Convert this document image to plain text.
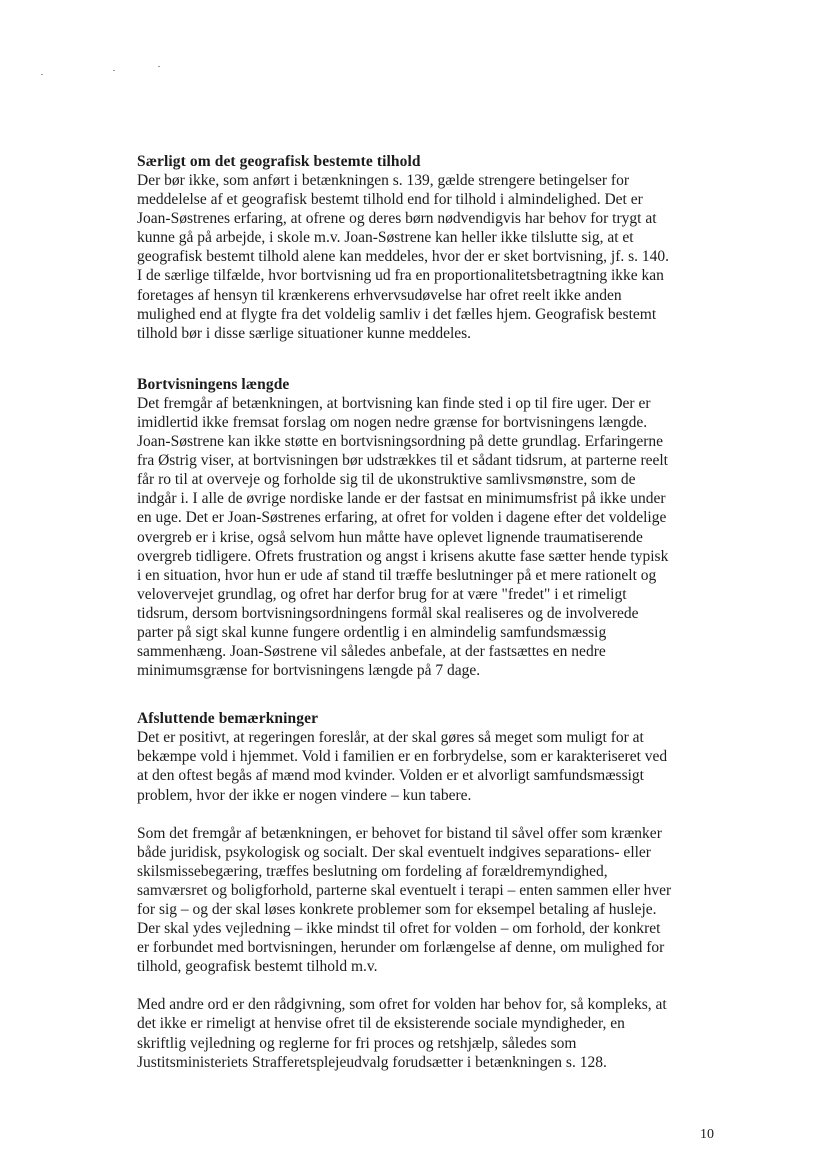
Særligt om det geografisk bestemte tilhold

Der bør ikke, som anført i betænkningen s. 139, gælde strengere betingelser for
meddelelse af et geografisk bestemt tilhold end for tilhold i almindelighed. Det er
Joan-Søstrenes erfaring, at ofrene og deres børn nødvendigvis har behov for trygt at
kunne gå på arbejde, i skole m.v. Joan-Søstrene kan heller ikke tilslutte sig, at et
geografisk bestemt tilhold alene kan meddeles, hvor der er sket bortvisning, jf. s. 140.
I de særlige tilfælde, hvor bortvisning ud fra en proportionalitetsbetragtning ikke kan
foretages af hensyn til krænkerens erhvervsudøvelse har ofret reelt ikke anden
mulighed end at flygte fra det voldelig samliv i det fælles hjem. Geografisk bestemt
tilhold bør i disse særlige situationer kunne meddeles.

Bortvisningens længde

Det fremgår af betænkningen, at bortvisning kan finde sted i op til fire uger. Der er
imidlertid ikke fremsat forslag om nogen nedre grænse for bortvisningens længde.
Joan-Søstrene kan ikke støtte en bortvisningsordning på dette grundlag. Erfaringerne
fra Østrig viser, at bortvisningen bør udstrækkes til et sådant tidsrum, at parterne reelt
får ro til at overveje og forholde sig til de ukonstruktive samlivsmønstre, som de
indgår i. I alle de øvrige nordiske lande er der fastsat en minimumsfrist på ikke under
en uge. Det er Joan-Søstrenes erfaring, at ofret for volden i dagene efter det voldelige
overgreb er i krise, også selvom hun måtte have oplevet lignende traumatiserende
overgreb tidligere. Ofrets frustration og angst i krisens akutte fase sætter hende typisk
i en situation, hvor hun er ude af stand til træffe beslutninger på et mere rationelt og
velovervejet grundlag, og ofret har derfor brug for at være "fredet" i et rimeligt
tidsrum, dersom bortvisningsordningens formål skal realiseres og de involverede
parter på sigt skal kunne fungere ordentlig i en almindelig samfundsmæssig
sammenhæng. Joan-Søstrene vil således anbefale, at der fastsættes en nedre
minimumsgrænse for bortvisningens længde på 7 dage.

Afsluttende bemærkninger

Det er positivt, at regeringen foreslår, at der skal gøres så meget som muligt for at
bekæmpe vold i hjemmet. Vold i familien er en forbrydelse, som er karakteriseret ved
at den oftest begås af mænd mod kvinder. Volden er et alvorligt samfundsmæssigt
problem, hvor der ikke er nogen vindere – kun tabere.

Som det fremgår af betænkningen, er behovet for bistand til såvel offer som krænker
både juridisk, psykologisk og socialt. Der skal eventuelt indgives separations- eller
skilsmissebegæring, træffes beslutning om fordeling af forældremyndighed,
samværsret og boligforhold, parterne skal eventuelt i terapi – enten sammen eller hver
for sig – og der skal løses konkrete problemer som for eksempel betaling af husleje.
Der skal ydes vejledning – ikke mindst til ofret for volden – om forhold, der konkret
er forbundet med bortvisningen, herunder om forlængelse af denne, om mulighed for
tilhold, geografisk bestemt tilhold m.v.

Med andre ord er den rådgivning, som ofret for volden har behov for, så kompleks, at
det ikke er rimeligt at henvise ofret til de eksisterende sociale myndigheder, en
skriftlig vejledning og reglerne for fri proces og retshjælp, således som
Justitsministeriets Strafferetsplejeudvalg forudsætter i betænkningen s. 128.

10
